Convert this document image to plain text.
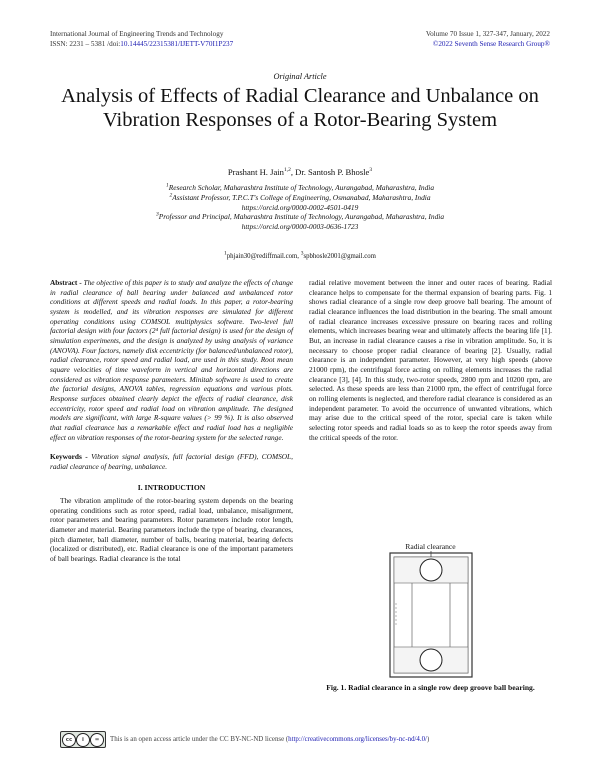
International Journal of Engineering Trends and Technology
ISSN: 2231 – 5381 /doi:10.14445/22315381/IJETT-V70I1P237
Volume 70 Issue 1, 327-347, January, 2022
©2022 Seventh Sense Research Group®
Original Article
Analysis of Effects of Radial Clearance and Unbalance on Vibration Responses of a Rotor-Bearing System
Prashant H. Jain$^{1,2}$, Dr. Santosh P. Bhosle$^3$
$^1$Research Scholar, Maharashtra Institute of Technology, Aurangabad, Maharashtra, India
$^2$Assistant Professor, T.P.C.T's College of Engineering, Osmanabad, Maharashtra, India
https://orcid.org/0000-0002-4501-0419
$^3$Professor and Principal, Maharashtra Institute of Technology, Aurangabad, Maharashtra, India
https://orcid.org/0000-0003-0636-1723
$^1$phjain30@rediffmail.com, $^3$spbhosle2001@gmail.com

Abstract - The objective of this paper is to study and analyze the effects of change in radial clearance of ball bearing under balanced and unbalanced rotor conditions at different speeds and radial loads. In this paper, a rotor-bearing system is modelled, and its vibration responses are simulated for different operating conditions using COMSOL multiphysics software. Two-level full factorial design with four factors (2⁴ full factorial design) is used for the design of simulation experiments, and the design is analyzed by using analysis of variance (ANOVA). Four factors, namely disk eccentricity (for balanced/unbalanced rotor), radial clearance, rotor speed and radial load, are used in this study. Root mean square velocities of time waveform in vertical and horizontal directions are considered as vibration response parameters. Minitab software is used to create the factorial designs, ANOVA tables, regression equations and various plots. Response surfaces obtained clearly depict the effects of radial clearance, disk eccentricity, rotor speed and radial load on vibration amplitude. The designed models are significant, with large R-square values (> 99 %). It is also observed that radial clearance has a remarkable effect and radial load has a negligible effect on vibration responses of the rotor-bearing system for the selected range.

Keywords - Vibration signal analysis, full factorial design (FFD), COMSOL, radial clearance of bearing, unbalance.

I. INTRODUCTION

The vibration amplitude of the rotor-bearing system depends on the bearing operating conditions such as rotor speed, radial load, unbalance, misalignment, rotor parameters and bearing parameters. Rotor parameters include rotor length, diameter and material. Bearing parameters include the type of bearing, clearances, pitch diameter, ball diameter, number of balls, bearing material, bearing defects (localized or distributed), etc. Radial clearance is one of the important parameters of ball bearings. Radial clearance is the total

radial relative movement between the inner and outer races of bearing. Radial clearance helps to compensate for the thermal expansion of bearing parts. Fig. 1 shows radial clearance of a single row deep groove ball bearing. The amount of radial clearance influences the load distribution in the bearing. The small amount of radial clearance increases excessive pressure on bearing races and rolling elements, which increases bearing wear and ultimately affects the bearing life [1]. But, an increase in radial clearance causes a rise in vibration amplitude. So, it is necessary to choose proper radial clearance of bearing [2]. Usually, radial clearance is an independent parameter. However, at very high speeds (above 21000 rpm), the centrifugal force acting on rolling elements increases the radial clearance [3], [4]. In this study, two-rotor speeds, 2800 rpm and 10200 rpm, are selected. As these speeds are less than 21000 rpm, the effect of centrifugal force on rolling elements is neglected, and therefore radial clearance is considered as an independent parameter. To avoid the occurrence of unwanted vibrations, which may arise due to the critical speed of the rotor, special care is taken while selecting rotor speeds and radial loads so as to keep the rotor speeds away from the critical speeds of the rotor.

Radial clearance
Fig. 1. Radial clearance in a single row deep groove ball bearing.
cc	i	=	This is an open access article under the CC BY-NC-ND license (http://creativecommons.org/licenses/by-nc-nd/4.0/)
